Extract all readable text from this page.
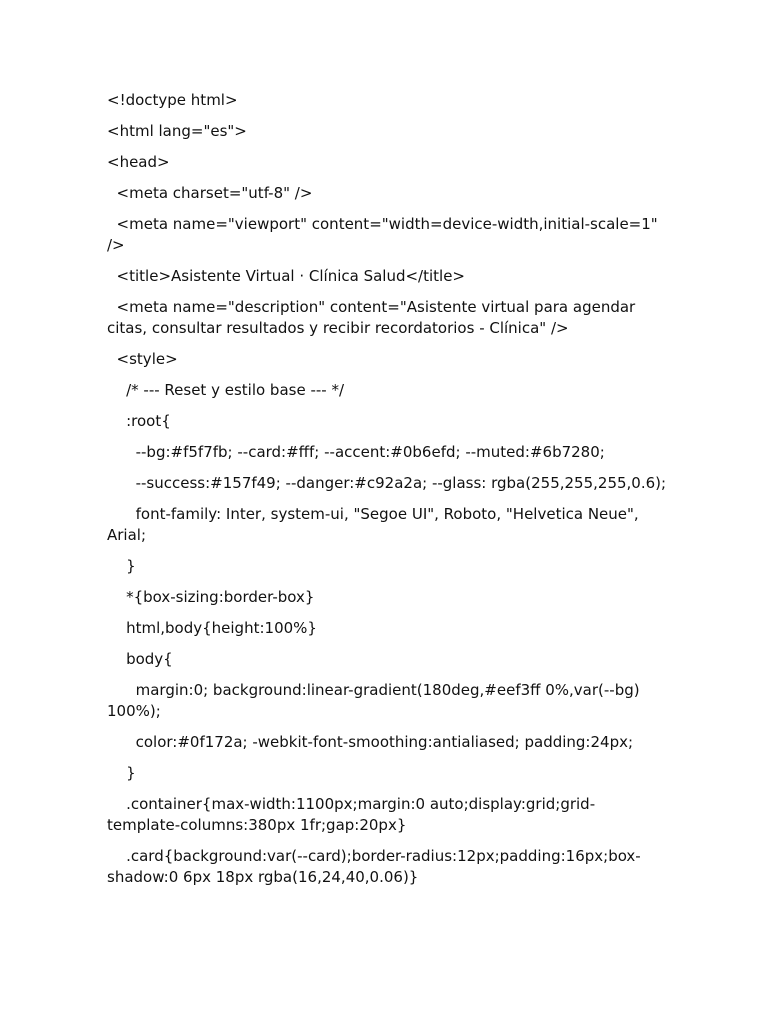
<!doctype html>

<html lang="es">

<head>

<meta charset="utf-8" />

<meta name="viewport" content="width=device-width,initial-scale=1" />

<title>Asistente Virtual · Clínica Salud</title>

<meta name="description" content="Asistente virtual para agendar citas, consultar resultados y recibir recordatorios - Clínica" />

<style>

/* --- Reset y estilo base --- */

:root{

--bg:#f5f7fb; --card:#fff; --accent:#0b6efd; --muted:#6b7280;

--success:#157f49; --danger:#c92a2a; --glass: rgba(255,255,255,0.6);

font-family: Inter, system-ui, "Segoe UI", Roboto, "Helvetica Neue", Arial;

}

*{box-sizing:border-box}

html,body{height:100%}

body{

margin:0; background:linear-gradient(180deg,#eef3ff 0%,var(--bg) 100%);

color:#0f172a; -webkit-font-smoothing:antialiased; padding:24px;

}

.container{max-width:1100px;margin:0 auto;display:grid;grid-template-columns:380px 1fr;gap:20px}

.card{background:var(--card);border-radius:12px;padding:16px;box-shadow:0 6px 18px rgba(16,24,40,0.06)}
